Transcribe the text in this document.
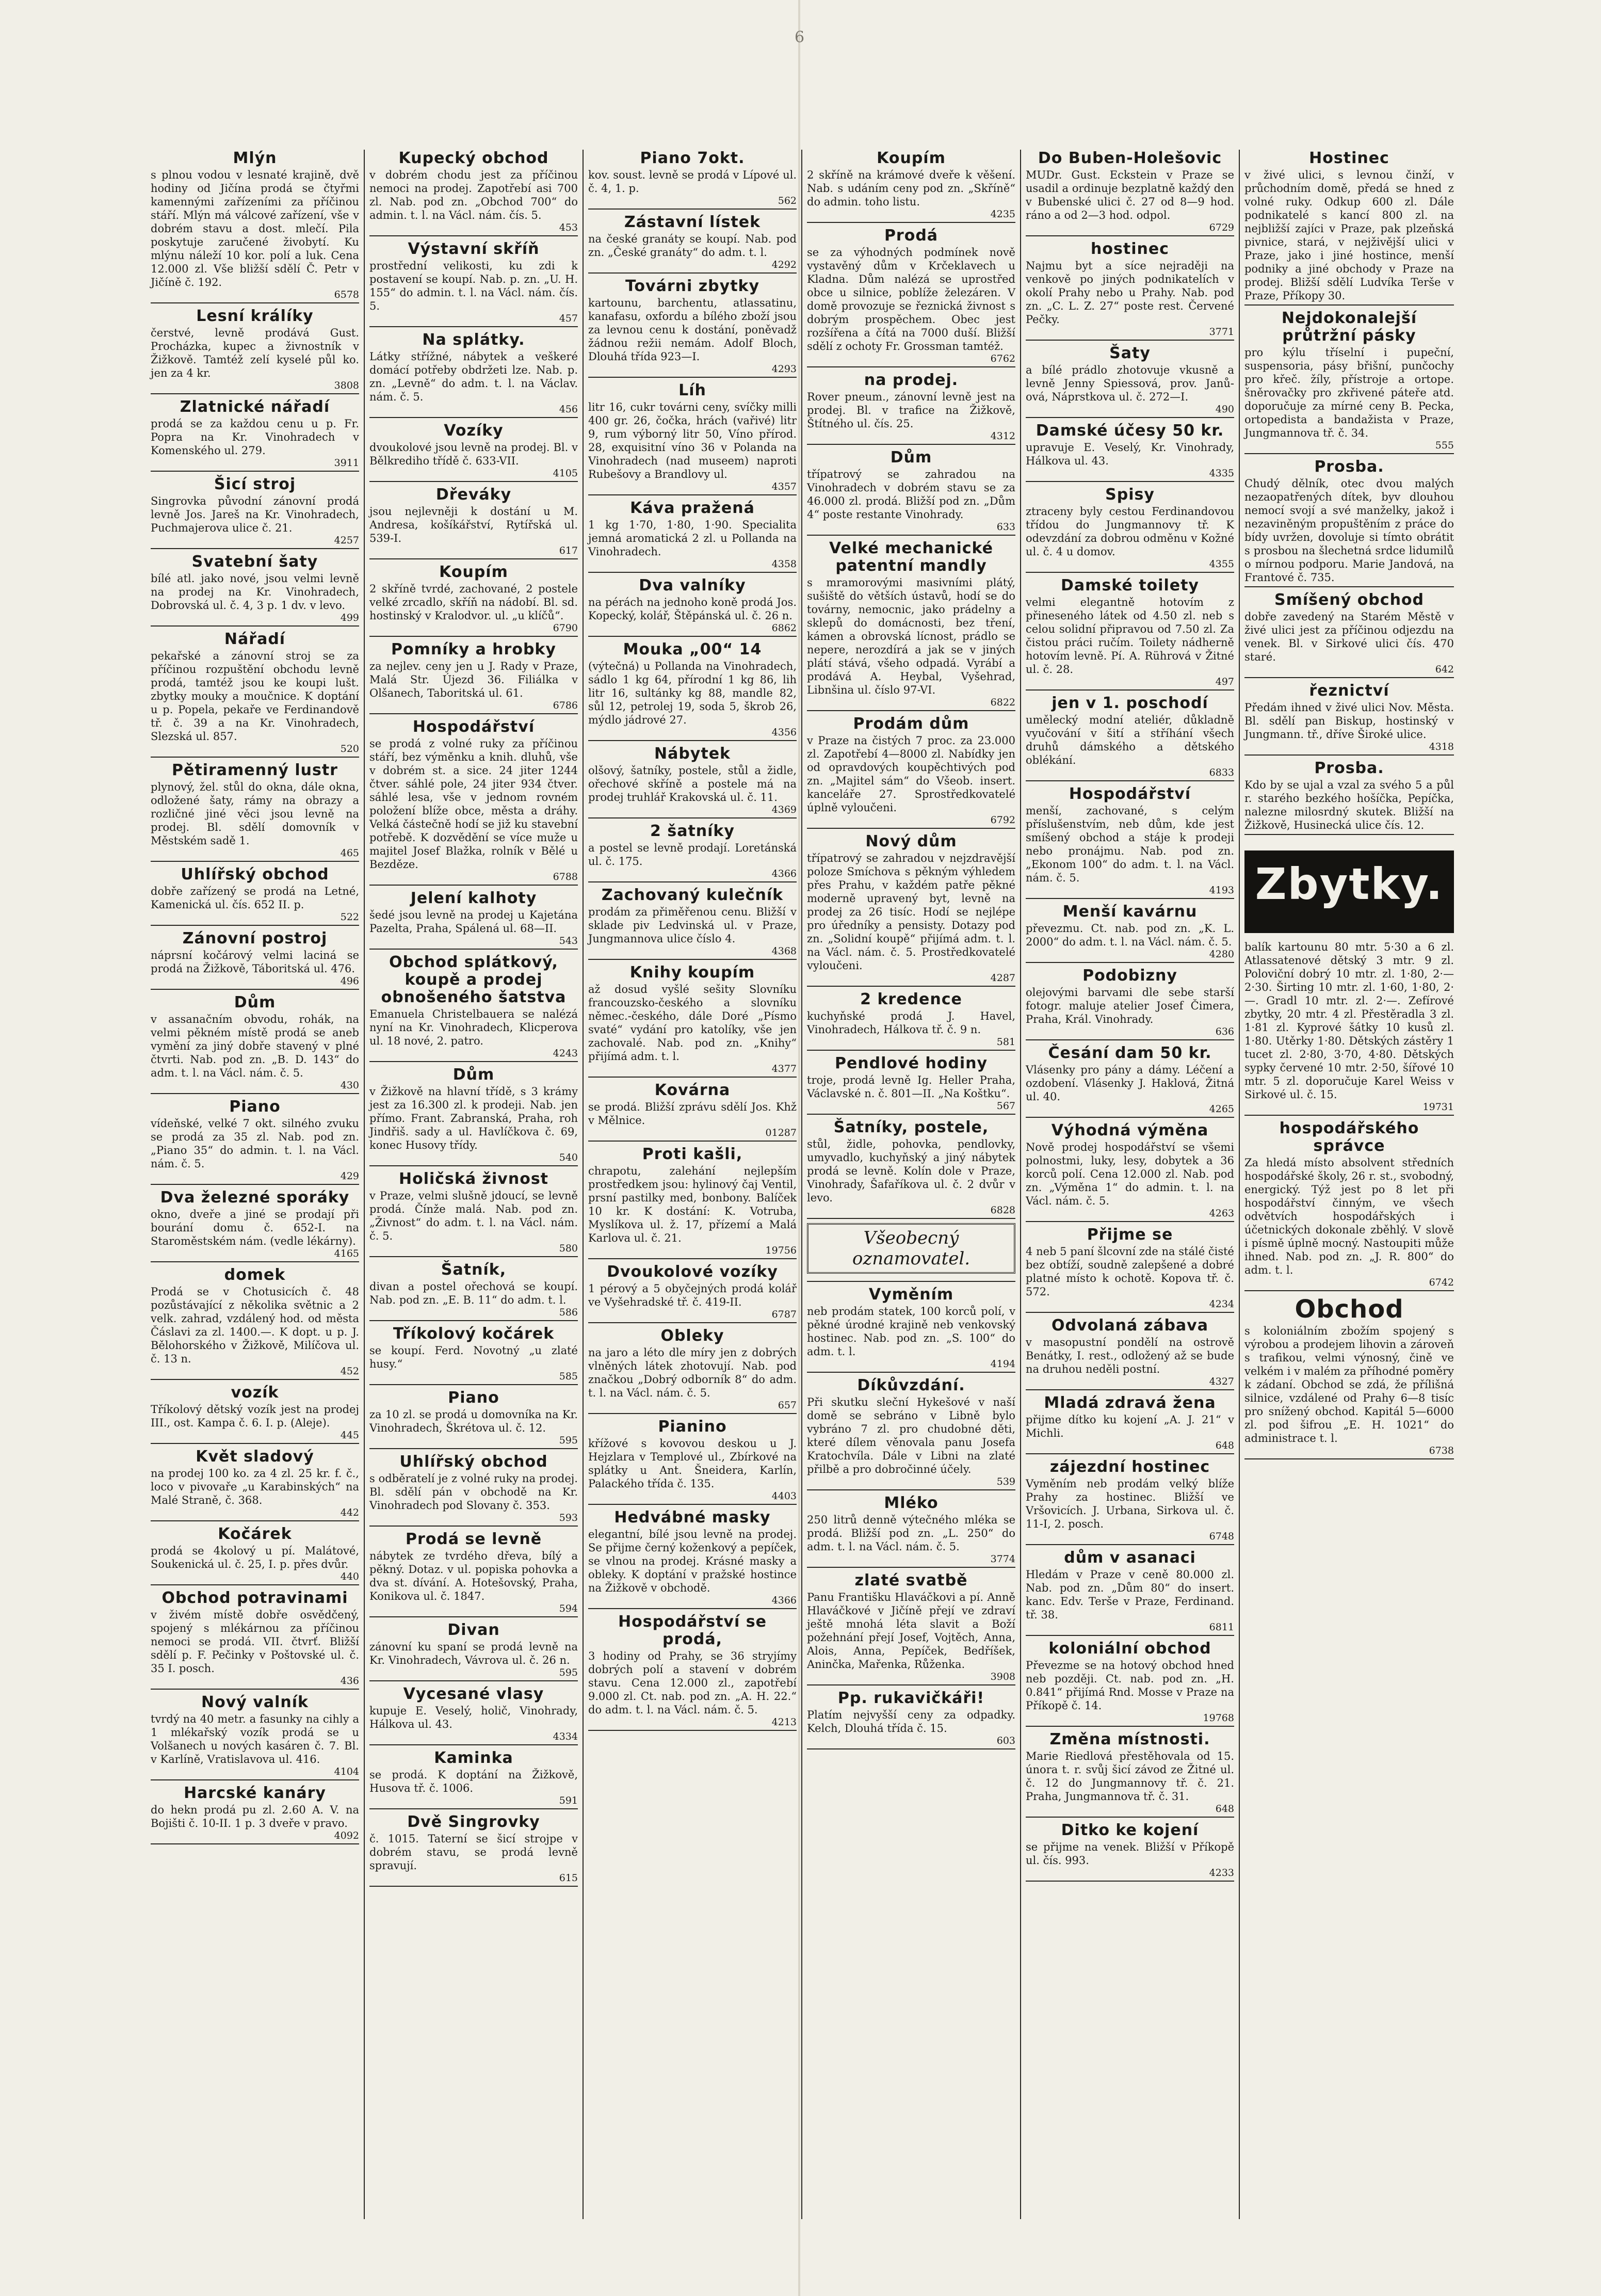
6
Mlýn
s plnou vodou v lesnaté krajině, dvě hodiny od Jičína prodá se čtyřmi kamennými zařízeními za příčinou stáří. Mlýn má válcové zařízení, vše v dobrém stavu a dost. mlečí. Pila poskytuje zaručené živobytí. Ku mlýnu náleží 10 kor. polí a luk. Cena 12.000 zl. Vše bližší sdělí Č. Petr v Jičíně č. 192.
6578
Lesní králíky
čerstvé, levně prodává Gust. Procházka, kupec a živnostník v Žižkově. Tamtéž zelí kyselé půl ko. jen za 4 kr.
3808
Zlatnické nářadí
prodá se za každou cenu u p. Fr. Popra na Kr. Vinohradech v Komenského ul. 279.
3911
Šicí stroj
Singrovka původní zánovní prodá levně Jos. Jareš na Kr. Vinohradech, Puchmajerova ulice č. 21.
4257
Svatební šaty
bílé atl. jako nové, jsou velmi levně na prodej na Kr. Vinohradech, Dobrovská ul. č. 4, 3 p. 1 dv. v levo.
499
Nářadí
pekařské a zánovní stroj se za příčinou rozpuštění obchodu levně prodá, tamtéž jsou ke koupi lušt. zbytky mouky a moučnice. K doptání u p. Popela, pekaře ve Ferdinandově tř. č. 39 a na Kr. Vinohradech, Slezská ul. 857.
520
Pětiramenný lustr
plynový, žel. stůl do okna, dále okna, odložené šaty, rámy na obrazy a rozličné jiné věci jsou levně na prodej. Bl. sdělí domovník v Městském sadě 1.
465
Uhlířský obchod
dobře zařízený se prodá na Letné, Kamenická ul. čís. 652 II. p.
522
Zánovní postroj
náprsní kočárový velmi laciná se prodá na Žižkově, Táboritská ul. 476.
496
Dům
v assanačním obvodu, rohák, na velmi pěkném místě prodá se aneb vymění za jiný dobře stavený v plné čtvrti. Nab. pod zn. „B. D. 143“ do adm. t. l. na Václ. nám. č. 5.
430
Piano
vídeňské, velké 7 okt. silného zvuku se prodá za 35 zl. Nab. pod zn. „Piano 35“ do admin. t. l. na Václ. nám. č. 5.
429
Dva železné sporáky
okno, dveře a jiné se prodají při bourání domu č. 652-I. na Staroměstském nám. (vedle lékárny).
4165
domek
Prodá se v Chotusicích č. 48 pozůstávající z několika světnic a 2 velk. zahrad, vzdálený hod. od města Čáslavi za zl. 1400.—. K dopt. u p. J. Bělohorského v Žižkově, Milíčova ul. č. 13 n.
452
vozík
Tříkolový dětský vozík jest na prodej III., ost. Kampa č. 6. I. p. (Aleje).
445
Květ sladový
na prodej 100 ko. za 4 zl. 25 kr. f. č., loco v pivovaře „u Karabinských“ na Malé Straně, č. 368.
442
Kočárek
prodá se 4kolový u pí. Malátové, Soukenická ul. č. 25, I. p. přes dvůr.
440
Obchod potravinami
v živém místě dobře osvědčený, spojený s mlékárnou za příčinou nemoci se prodá. VII. čtvrť. Bližší sdělí p. F. Pečinky v Poštovské ul. č. 35 I. posch.
436
Nový valník
tvrdý na 40 metr. a fasunky na cihly a 1 mlékařský vozík prodá se u Volšanech u nových kasáren č. 7. Bl. v Karlíně, Vratislavova ul. 416.
4104
Harcské kanáry
do hekn prodá pu zl. 2.60 A. V. na Bojišti č. 10-II. 1 p. 3 dveře v pravo.
4092
Kupecký obchod
v dobrém chodu jest za příčinou nemoci na prodej. Zapotřebí asi 700 zl. Nab. pod zn. „Obchod 700“ do admin. t. l. na Václ. nám. čís. 5.
453
Výstavní skříň
prostřední velikosti, ku zdi k postavení se koupí. Nab. p. zn. „U. H. 155“ do admin. t. l. na Václ. nám. čís. 5.
457
Na splátky.
Látky střížné, nábytek a veškeré domácí potřeby obdržeti lze. Nab. p. zn. „Levně“ do adm. t. l. na Václav. nám. č. 5.
456
Vozíky
dvoukolové jsou levně na prodej. Bl. v Bělkrediho třídě č. 633-VII.
4105
Dřeváky
jsou nejlevněji k dostání u M. Andresa, košíkářství, Rytířská ul. 539-I.
617
Koupím
2 skříně tvrdé, zachované, 2 postele velké zrcadlo, skříň na nádobí. Bl. sd. hostinský v Kralodvor. ul. „u klíčů“.
6790
Pomníky a hrobky
za nejlev. ceny jen u J. Rady v Praze, Malá Str. Újezd 36. Filiálka v Olšanech, Taboritská ul. 61.
6786
Hospodářství
se prodá z volné ruky za příčinou stáří, bez výměnku a knih. dluhů, vše v dobrém st. a sice. 24 jiter 1244 čtver. sáhlé pole, 24 jiter 934 čtver. sáhlé lesa, vše v jednom rovném položení blíže obce, města a dráhy. Velká částečně hodí se již ku stavební potřebě. K dozvědění se více muže u majitel Josef Blažka, rolník v Bělé u Bezděze.
6788
Jelení kalhoty
šedé jsou levně na prodej u Kajetána Pazelta, Praha, Spálená ul. 68—II.
543
Obchod splátkový, koupě a prodej obnošeného šatstva
Emanuela Christelbauera se nalézá nyní na Kr. Vinohradech, Klicperova ul. 18 nové, 2. patro.
4243
Dům
v Žižkově na hlavní třídě, s 3 krámy jest za 16.300 zl. k prodeji. Nab. jen přímo. Frant. Zabranská, Praha, roh Jindřiš. sady a ul. Havlíčkova č. 69, konec Husovy třídy.
540
Holičská živnost
v Praze, velmi slušně jdoucí, se levně prodá. Čínže malá. Nab. pod zn. „Živnost“ do adm. t. l. na Václ. nám. č. 5.
580
Šatník,
divan a postel ořechová se koupí. Nab. pod zn. „E. B. 11“ do adm. t. l.
586
Tříkolový kočárek
se koupí. Ferd. Novotný „u zlaté husy.“
585
Piano
za 10 zl. se prodá u domovníka na Kr. Vinohradech, Škrétova ul. č. 12.
595
Uhlířský obchod
s odběratelí je z volné ruky na prodej. Bl. sdělí pán v obchodě na Kr. Vinohradech pod Slovany č. 353.
593
Prodá se levně
nábytek ze tvrdého dřeva, bílý a pěkný. Dotaz. v ul. popiska pohovka a dva st. dívání. A. Hotešovský, Praha, Konikova ul. č. 1847.
594
Divan
zánovní ku spaní se prodá levně na Kr. Vinohradech, Vávrova ul. č. 26 n.
595
Vycesané vlasy
kupuje E. Veselý, holič, Vinohrady, Hálkova ul. 43.
4334
Kaminka
se prodá. K doptání na Žižkově, Husova tř. č. 1006.
591
Dvě Singrovky
č. 1015. Taterní se šicí strojpe v dobrém stavu, se prodá levně spravují.
615
Piano 7okt.
kov. soust. levně se prodá v Lípové ul. č. 4, 1. p.
562
Zástavní lístek
na české granáty se koupí. Nab. pod zn. „České granáty“ do adm. t. l.
4292
Továrni zbytky
kartounu, barchentu, atlassatinu, kanafasu, oxfordu a bílého zboží jsou za levnou cenu k dostání, poněvadž žádnou režii nemám. Adolf Bloch, Dlouhá třída 923—I.
4293
Líh
litr 16, cukr továrni ceny, svíčky milli 400 gr. 26, čočka, hrách (vařivé) litr 9, rum výborný litr 50, Víno přírod. 28, exquisitní víno 36 v Polanda na Vinohradech (nad museem) naproti Rubešovy a Brandlovy ul.
4357
Káva pražená
1 kg 1·70, 1·80, 1·90. Specialita jemná aromatická 2 zl. u Pollanda na Vinohradech.
4358
Dva valníky
na pérách na jednoho koně prodá Jos. Kopecký, kolář, Štěpánská ul. č. 26 n.
6862
Mouka „00“ 14
(výtečná) u Pollanda na Vinohradech, sádlo 1 kg 64, přírodní 1 kg 86, lih litr 16, sultánky kg 88, mandle 82, sůl 12, petrolej 19, soda 5, škrob 26, mýdlo jádrové 27.
4356
Nábytek
olšový, šatníky, postele, stůl a židle, ořechové skříně a postele má na prodej truhlář Krakovská ul. č. 11.
4369
2 šatníky
a postel se levně prodají. Loretánská ul. č. 175.
4366
Zachovaný kulečník
prodám za přiměřenou cenu. Bližší v sklade piv Ledvinská ul. v Praze, Jungmannova ulice číslo 4.
4368
Knihy koupím
až dosud vyšlé sešity Slovníku francouzsko-českého a slovníku němec.-českého, dále Doré „Písmo svaté“ vydání pro katolíky, vše jen zachovalé. Nab. pod zn. „Knihy“ přijímá adm. t. l.
4377
Kovárna
se prodá. Bližší zprávu sdělí Jos. Khž v Mělnice.
01287
Proti kašli,
chrapotu, zalehání nejlepším prostředkem jsou: hylinový čaj Ventil, prsní pastilky med, bonbony. Balíček 10 kr. K dostání: K. Votruba, Myslíkova ul. ž. 17, přízemí a Malá Karlova ul. č. 21.
19756
Dvoukolové vozíky
1 pérový a 5 obyčejných prodá kolář ve Vyšehradské tř. č. 419-II.
6787
Obleky
na jaro a léto dle míry jen z dobrých vlněných látek zhotovují. Nab. pod značkou „Dobrý odborník 8“ do adm. t. l. na Václ. nám. č. 5.
657
Pianino
křížové s kovovou deskou u J. Hejzlara v Templové ul., Zbírkové na splátky u Ant. Šneidera, Karlín, Palackého třída č. 135.
4403
Hedvábné masky
elegantní, bílé jsou levně na prodej. Se přijme černý koženkový a pepíček, se vlnou na prodej. Krásné masky a obleky. K doptání v pražské hostince na Žižkově v obchodě.
4366
Hospodářství se prodá,
3 hodiny od Prahy, se 36 stryjímy dobrých polí a stavení v dobrém stavu. Cena 12.000 zl., zapotřebí 9.000 zl. Ct. nab. pod zn. „A. H. 22.“ do adm. t. l. na Václ. nám. č. 5.
4213
Koupím
2 skříně na krámové dveře k věšení. Nab. s udáním ceny pod zn. „Skříně“ do admin. toho listu.
4235
Prodá
se za výhodných podmínek nově vystavěný dům v Krčeklavech u Kladna. Dům nalézá se uprostřed obce u silnice, poblíže železáren. V domě provozuje se řeznická živnost s dobrým prospěchem. Obec jest rozšířena a čítá na 7000 duší. Bližší sdělí z ochoty Fr. Grossman tamtéž.
6762
na prodej.
Rover pneum., zánovní levně jest na prodej. Bl. v trafice na Žižkově, Štítného ul. čís. 25.
4312
Dům
třípatrový se zahradou na Vinohradech v dobrém stavu se za 46.000 zl. prodá. Bližší pod zn. „Dům 4“ poste restante Vinohrady.
633
Velké mechanické patentní mandly
s mramorovými masivními plátý, sušiště do větších ústavů, hodí se do továrny, nemocnic, jako prádelny a sklepů do domácnosti, bez tření, kámen a obrovská lícnost, prádlo se nepere, nerozdírá a jak se v jiných plátí stává, všeho odpadá. Vyrábí a prodává A. Heybal, Vyšehrad, Libnšina ul. číslo 97-VI.
6822
Prodám dům
v Praze na čistých 7 proc. za 23.000 zl. Zapotřebí 4—8000 zl. Nabídky jen od opravdových koupěchtivých pod zn. „Majitel sám“ do Všeob. insert. kanceláře 27. Sprostředkovatelé úplně vyloučeni.
6792
Nový dům
třípatrový se zahradou v nejzdravější poloze Smíchova s pěkným výhledem přes Prahu, v každém patře pěkné moderně upravený byt, levně na prodej za 26 tisíc. Hodí se nejlépe pro úředníky a pensisty. Dotazy pod zn. „Solidní koupě“ přijímá adm. t. l. na Václ. nám. č. 5. Prostředkovatelé vyloučeni.
4287
2 kredence
kuchyňské prodá J. Havel, Vinohradech, Hálkova tř. č. 9 n.
581
Pendlové hodiny
troje, prodá levně Ig. Heller Praha, Václavské n. č. 801—II. „Na Koštku“.
567
Šatníky, postele,
stůl, židle, pohovka, pendlovky, umyvadlo, kuchyňský a jiný nábytek prodá se levně. Kolín dole v Praze, Vinohrady, Šafaříkova ul. č. 2 dvůr v levo.
6828
Všeobecný oznamovatel.
Vyměním
neb prodám statek, 100 korců polí, v pěkné úrodné krajině neb venkovský hostinec. Nab. pod zn. „S. 100“ do adm. t. l.
4194
Díkůvzdání.
Při skutku sleční Hykešové v naší domě se sebráno v Libně bylo vybráno 7 zl. pro chudobné děti, které dílem věnovala panu Josefa Kratochvíla. Dále v Libni na zlaté přilbě a pro dobročinné účely.
539
Mléko
250 litrů denně výtečného mléka se prodá. Bližší pod zn. „L. 250“ do adm. t. l. na Václ. nám. č. 5.
3774
zlaté svatbě
Panu Františku Hlaváčkovi a pí. Anně Hlaváčkové v Jičíně přejí ve zdraví ještě mnohá léta slavit a Boží požehnání přejí Josef, Vojtěch, Anna, Alois, Anna, Pepíček, Bedříšek, Aninčka, Mařenka, Růženka.
3908
Pp. rukavičkáři!
Platím nejvyšší ceny za odpadky. Kelch, Dlouhá třída č. 15.
603
Do Buben-Holešovic
MUDr. Gust. Eckstein v Praze se usadil a ordinuje bezplatně každý den v Bubenské ulici č. 27 od 8—9 hod. ráno a od 2—3 hod. odpol.
6729
hostinec
Najmu byt a síce nejraději na venkově po jiných podnikatelích v okolí Prahy nebo u Prahy. Nab. pod zn. „C. L. Z. 27“ poste rest. Červené Pečky.
3771
Šaty
a bílé prádlo zhotovuje vkusně a levně Jenny Spiessová, prov. Janů-ová, Náprstkova ul. č. 272—I.
490
Damské účesy 50 kr.
upravuje E. Veselý, Kr. Vinohrady, Hálkova ul. 43.
4335
Spisy
ztraceny byly cestou Ferdinandovou třídou do Jungmannovy tř. K odevzdání za dobrou odměnu v Kožné ul. č. 4 u domov.
4355
Damské toilety
velmi elegantně hotovím z přineseného látek od 4.50 zl. neb s celou solidní připravou od 7.50 zl. Za čistou práci ručím. Toilety nádherně hotovím levně. Pí. A. Rührová v Žitné ul. č. 28.
497
jen v 1. poschodí
umělecký modní ateliér, důkladně vyučování v šití a stříhání všech druhů dámského a dětského oblékání.
6833
Hospodářství
menší, zachované, s celým příslušenstvím, neb dům, kde jest smíšený obchod a stáje k prodeji nebo pronájmu. Nab. pod zn. „Ekonom 100“ do adm. t. l. na Václ. nám. č. 5.
4193
Menší kavárnu
převezmu. Ct. nab. pod zn. „K. L. 2000“ do adm. t. l. na Václ. nám. č. 5.
4280
Podobizny
olejovými barvami dle sebe starší fotogr. maluje atelier Josef Čimera, Praha, Král. Vinohrady.
636
Česání dam 50 kr.
Vlásenky pro pány a dámy. Léčení a ozdobení. Vlásenky J. Haklová, Žitná ul. 40.
4265
Výhodná výměna
Nově prodej hospodářství se všemi polnostmi, luky, lesy, dobytek a 36 korců polí. Cena 12.000 zl. Nab. pod zn. „Výměna 1“ do admin. t. l. na Václ. nám. č. 5.
4263
Přijme se
4 neb 5 paní šlcovní zde na stálé čisté bez obtíží, soudně zalepšené a dobré platné místo k ochotě. Kopova tř. č. 572.
4234
Odvolaná zábava
v masopustní pondělí na ostrově Benátky, I. rest., odložený až se bude na druhou neděli postní.
4327
Mladá zdravá žena
přijme dítko ku kojení „A. J. 21“ v Michli.
648
zájezdní hostinec
Vyměním neb prodám velký blíže Prahy za hostinec. Bližší ve Vršovicích. J. Urbana, Sirkova ul. č. 11-I, 2. posch.
6748
dům v asanaci
Hledám v Praze v ceně 80.000 zl. Nab. pod zn. „Dům 80“ do insert. kanc. Edv. Terše v Praze, Ferdinand. tř. 38.
6811
koloniální obchod
Převezme se na hotový obchod hned neb později. Ct. nab. pod zn. „H. 0.841“ přijímá Rnd. Mosse v Praze na Příkopě č. 14.
19768
Změna místnosti.
Marie Riedlová přestěhovala od 15. února t. r. svůj šicí závod ze Žitné ul. č. 12 do Jungmannovy tř. č. 21. Praha, Jungmannova tř. č. 31.
648
Ditko ke kojení
se přijme na venek. Bližší v Příkopě ul. čís. 993.
4233
Hostinec
v živé ulici, s levnou činží, v průchodním domě, předá se hned z volné ruky. Odkup 600 zl. Dále podnikatelé s kancí 800 zl. na nejbližší zajíci v Praze, pak plzeňská pivnice, stará, v nejživější ulici v Praze, jako i jiné hostince, menší podniky a jiné obchody v Praze na prodej. Bližší sdělí Ludvíka Terše v Praze, Příkopy 30.
Nejdokonalejší průtržní pásky
pro kýlu tříselní i pupeční, suspensoria, pásy břišní, punčochy pro křeč. žíly, přístroje a ortope. šněrovačky pro zkřivené páteře atd. doporučuje za mírné ceny B. Pecka, ortopedista a bandažista v Praze, Jungmannova tř. č. 34.
555
Prosba.
Chudý dělník, otec dvou malých nezaopatřených dítek, byv dlouhou nemocí svojí a své manželky, jakož i nezaviněným propuštěním z práce do bídy uvržen, dovoluje si tímto obrátit s prosbou na šlechetná srdce lidumilů o mírnou podporu. Marie Jandová, na Frantové č. 735.
Smíšený obchod
dobře zavedený na Starém Městě v živé ulici jest za příčinou odjezdu na venek. Bl. v Sirkové ulici čís. 470 staré.
642
řeznictví
Předám ihned v živé ulici Nov. Města. Bl. sdělí pan Biskup, hostinský v Jungmann. tř., dříve Široké ulice.
4318
Prosba.
Kdo by se ujal a vzal za svého 5 a půl r. starého bezkého hošíčka, Pepíčka, nalezne milosrdný skutek. Bližší na Žižkově, Husinecká ulice čís. 12.
Zbytky.
balík kartounu 80 mtr. 5·30 a 6 zl. Atlassatenové dětský 3 mtr. 9 zl. Poloviční dobrý 10 mtr. zl. 1·80, 2·— 2·30. Širting 10 mtr. zl. 1·60, 1·80, 2·—. Gradl 10 mtr. zl. 2·—. Zefírové zbytky, 20 mtr. 4 zl. Přestěradla 3 zl. 1·81 zl. Kyprové šátky 10 kusů zl. 1·80. Utěrky 1·80. Dětských zástěry 1 tucet zl. 2·80, 3·70, 4·80. Dětských sypky červené 10 mtr. 2·50, šířové 10 mtr. 5 zl. doporučuje Karel Weiss v Sirkové ul. č. 15.
19731
hospodářského správce
Za hledá místo absolvent středních hospodářské školy, 26 r. st., svobodný, energický. Týž jest po 8 let při hospodářství činným, ve všech odvětvích hospodářských i účetnických dokonale zběhlý. V slově i písmě úplně mocný. Nastoupiti může ihned. Nab. pod zn. „J. R. 800“ do adm. t. l.
6742
Obchod
s koloniálním zbožím spojený s výrobou a prodejem lihovin a zároveň s trafikou, velmi výnosný, čině ve velkém i v malém za příhodné poměry k zádaní. Obchod se zdá, že přílišná silnice, vzdálené od Prahy 6—8 tisíc pro snížený obchod. Kapitál 5—6000 zl. pod šifrou „E. H. 1021“ do administrace t. l.
6738
